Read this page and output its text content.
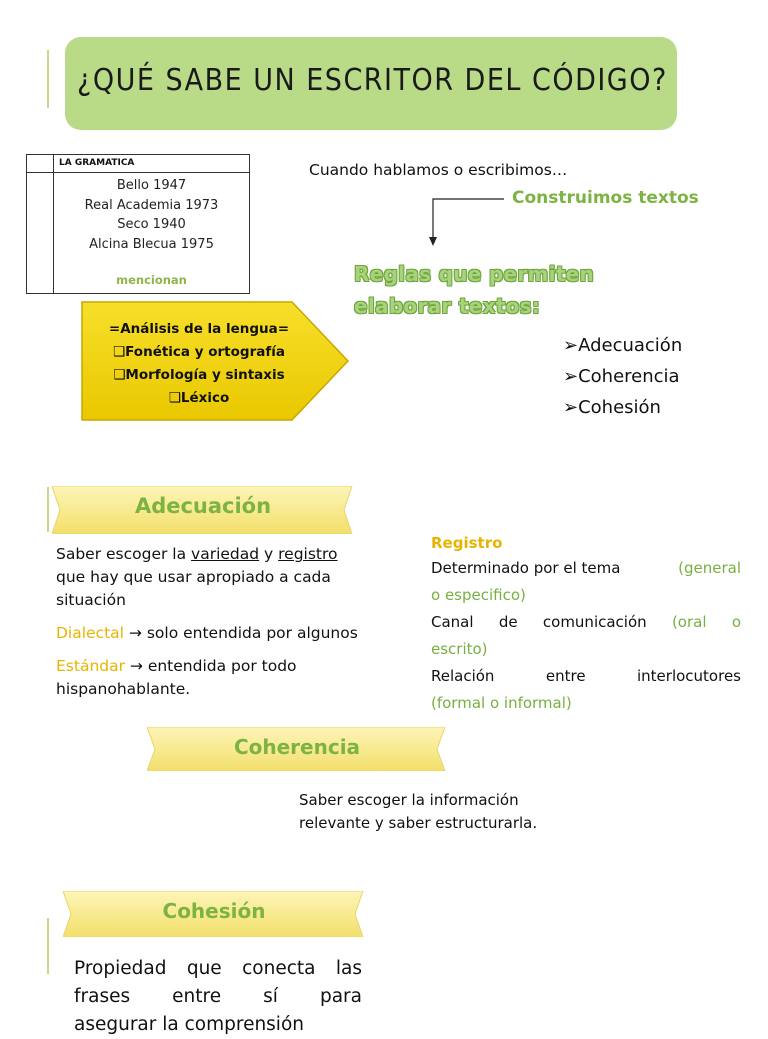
¿QUÉ SABE UN ESCRITOR DEL CÓDIGO?
LA GRAMATICA
Bello 1947
Real Academia 1973
Seco 1940
Alcina Blecua 1975
mencionan
=Análisis de la lengua=
❑Fonética y ortografía
❑Morfología y sintaxis
❑Léxico
Cuando hablamos o escribimos…
Construimos textos
Reglas que permiten
elaborar textos:
➢Adecuación
➢Coherencia
➢Cohesión
Adecuación
Saber escoger la variedad y registro
que hay que usar apropiado a cada
situación
Dialectal → solo entendida por algunos
Estándar → entendida por todo
hispanohablante.
Registro
Determinado por el tema	(general
o especifico)
Canal de comunicación (oral o
escrito)
Relación	entre	interlocutores
(formal o informal)
Coherencia
Saber escoger la información
relevante y saber estructurarla.
Cohesión
Propiedad que conecta las
frases entre sí para
asegurar la comprensión
